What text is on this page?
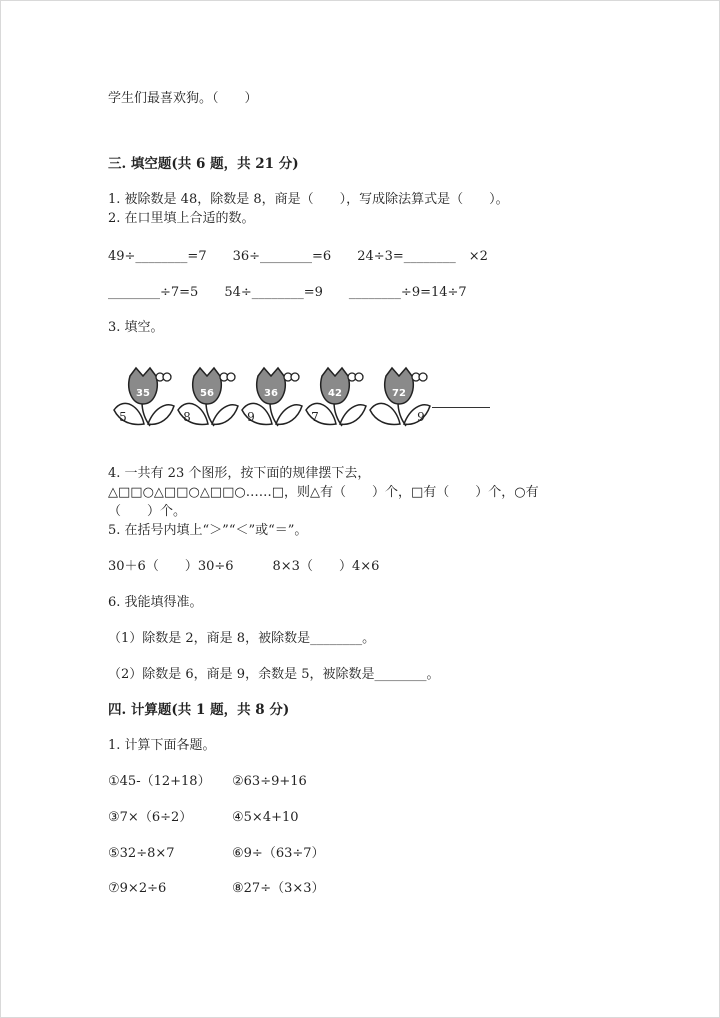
学生们最喜欢狗。（　　）
三. 填空题(共 6 题，共 21 分)
1. 被除数是 48，除数是 8，商是（　　），写成除法算式是（　　）。
2. 在口里填上合适的数。
49÷________=7　　36÷________=6　　24÷3=________　×2
________÷7=5　　54÷________=9　　________÷9=14÷7
3. 填空。
35
5
56
8
36
9
42
7
72
9
4. 一共有 23 个图形，按下面的规律摆下去，
△□□○△□□○△□□○……□，则△有（　　）个，□有（　　）个，○有
（　　）个。
5. 在括号内填上“＞”“＜”或“＝”。
30＋6（　　）30÷6　　　8×3（　　）4×6
6. 我能填得准。
（1）除数是 2，商是 8，被除数是________。
（2）除数是 6，商是 9，余数是 5，被除数是________。
四. 计算题(共 1 题，共 8 分)
1. 计算下面各题。
①45-（12+18） ②63÷9+16
③7×（6÷2）	④5×4+10
⑤32÷8×7	⑥9÷（63÷7）
⑦9×2÷6	⑧27÷（3×3）
